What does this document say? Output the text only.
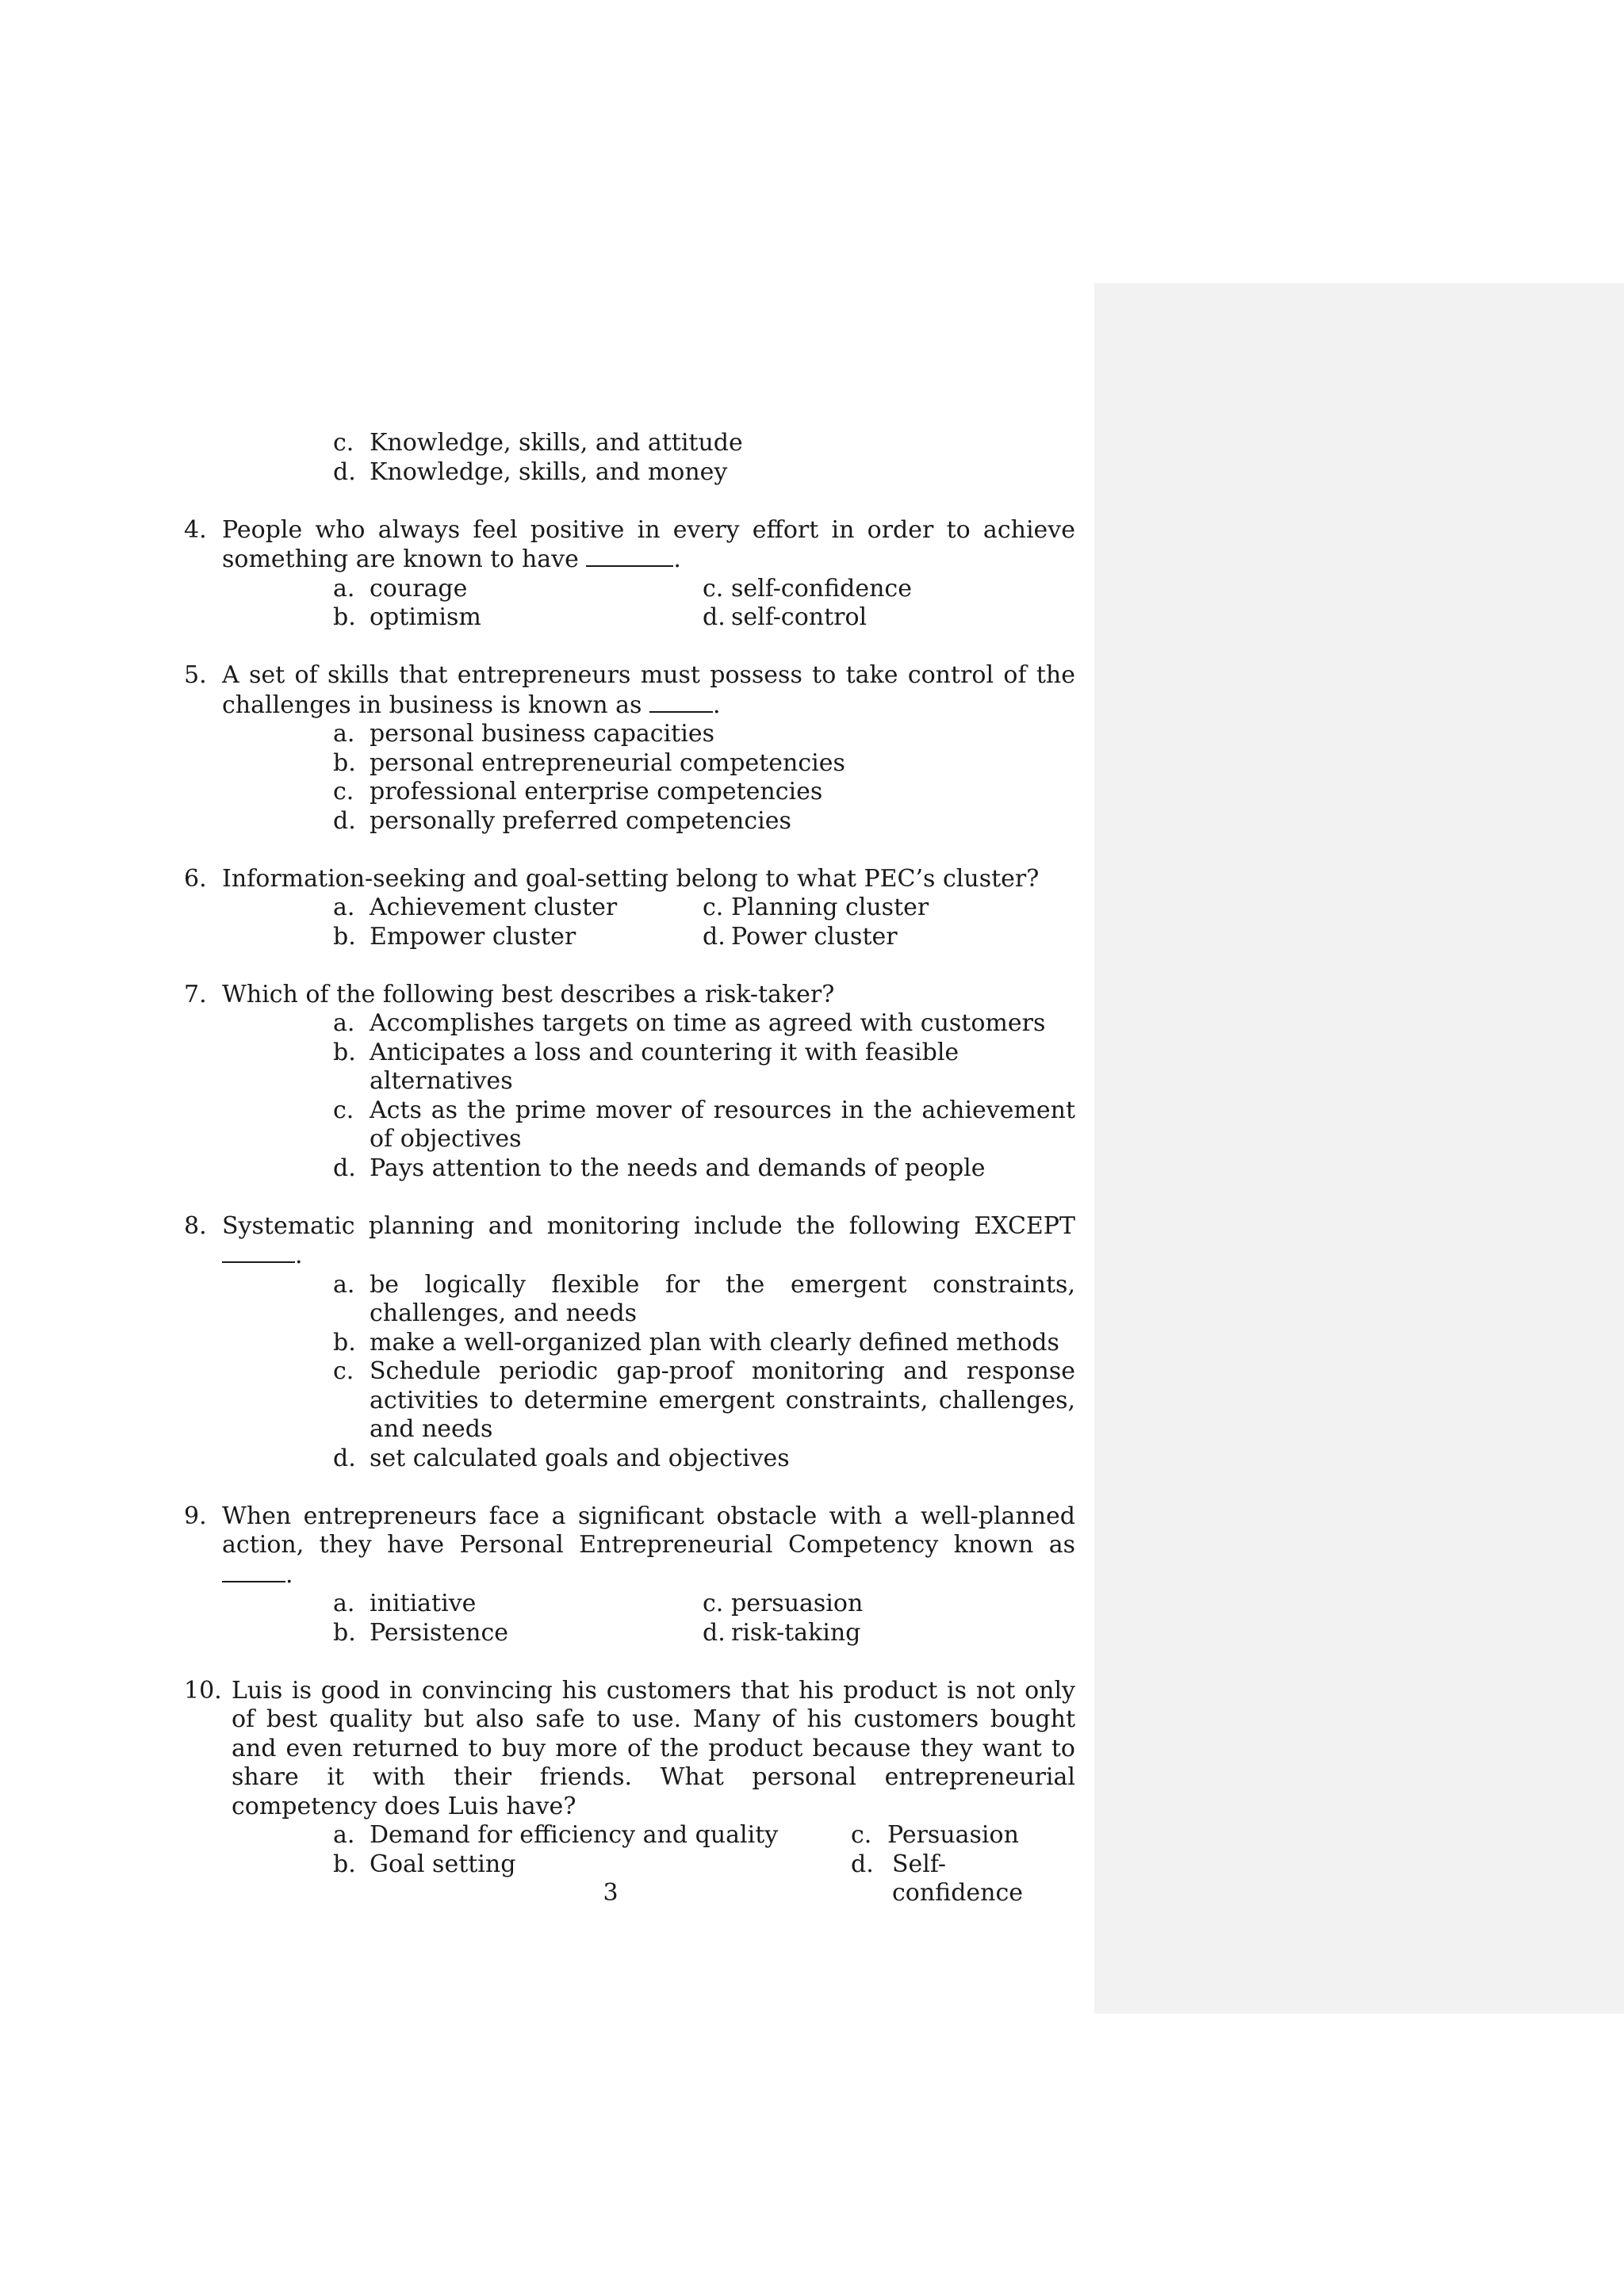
c. Knowledge, skills, and attitude
d. Knowledge, skills, and money
4. People who always feel positive in every effort in order to achieve something are known to have	.
a. courage	c. self-confidence
b. optimism	d. self-control
5. A set of skills that entrepreneurs must possess to take control of the challenges in business is known as	.
a. personal business capacities
b. personal entrepreneurial competencies
c. professional enterprise competencies
d. personally preferred competencies
6. Information-seeking and goal-setting belong to what PEC’s cluster?
a. Achievement cluster	c. Planning cluster
b. Empower cluster	d. Power cluster
7. Which of the following best describes a risk-taker?
a. Accomplishes targets on time as agreed with customers
b. Anticipates a loss and countering it with feasible alternatives
c. Acts as the prime mover of resources in the achievement of objectives
d. Pays attention to the needs and demands of people
8. Systematic planning and monitoring include the following EXCEPT .
a. be logically flexible for the emergent constraints, challenges, and needs
b. make a well-organized plan with clearly defined methods
c. Schedule periodic gap-proof monitoring and response activities to determine emergent constraints, challenges, and needs
d. set calculated goals and objectives
9. When entrepreneurs face a significant obstacle with a well-planned action, they have Personal Entrepreneurial Competency known as .
a. initiative	c. persuasion
b. Persistence	d. risk-taking
10. Luis is good in convincing his customers that his product is not only of best quality but also safe to use. Many of his customers bought and even returned to buy more of the product because they want to share it with their friends. What personal entrepreneurial competency does Luis have?
a. Demand for efficiency and quality	c. Persuasion
b. Goal setting	d. Self-confidence
3
